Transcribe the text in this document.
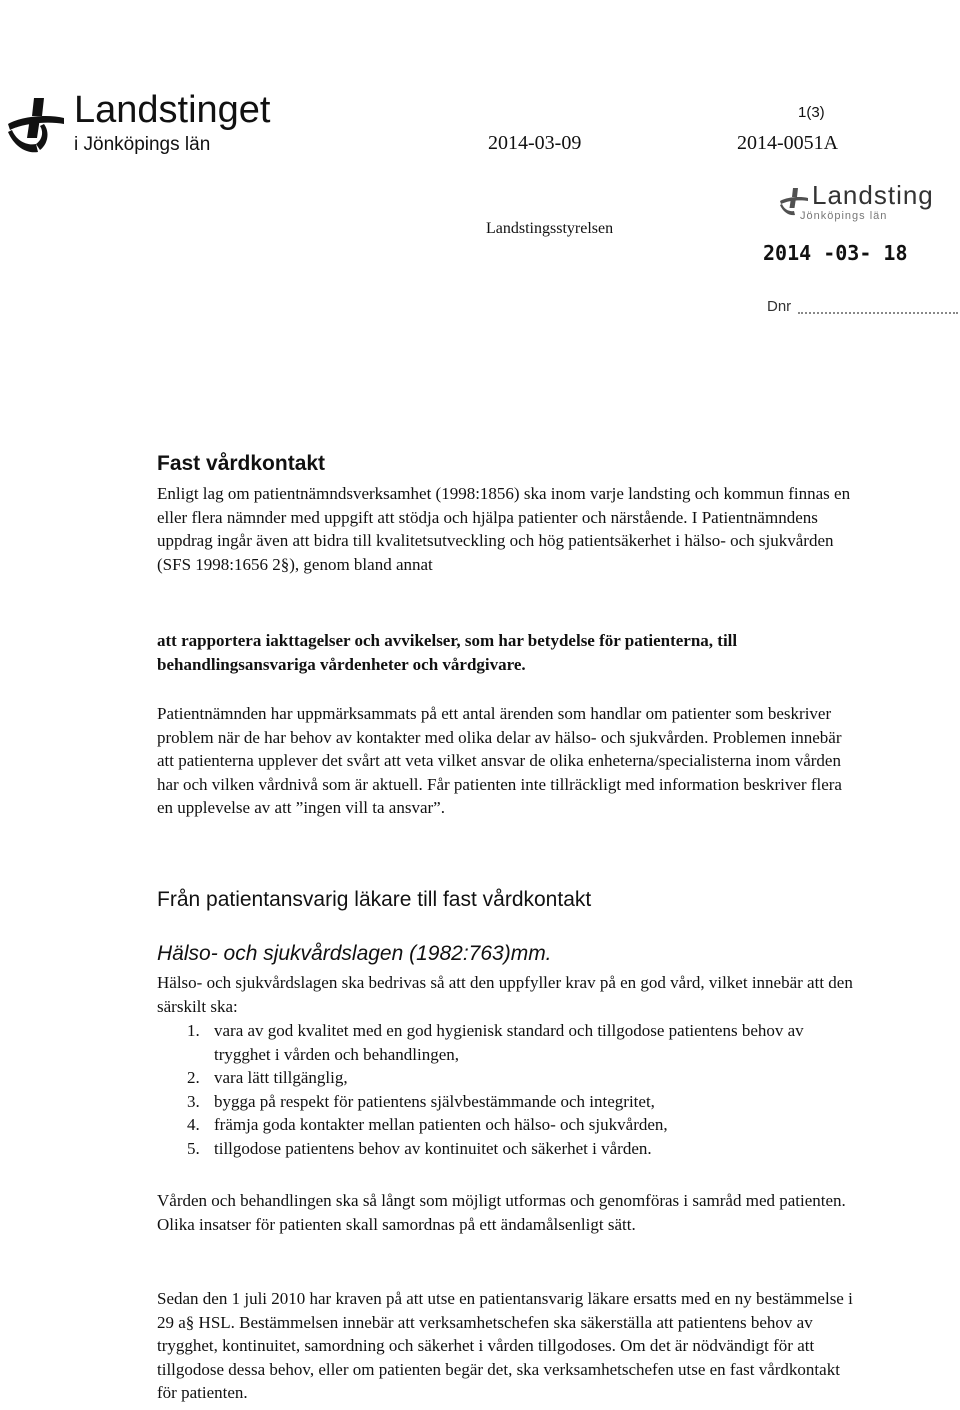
Landstinget
i Jönköpings län
1(3)
2014-03-09	2014-0051A
Landstingsstyrelsen
Landsting
Jönköpings län
2014 -03- 18
Dnr
Fast vårdkontakt

Enligt lag om patientnämndsverksamhet (1998:1856) ska inom varje landsting och kommun finnas en eller flera nämnder med uppgift att stödja och hjälpa patienter och närstående. I Patientnämndens uppdrag ingår även att bidra till kvalitetsutveckling och hög patientsäkerhet i hälso- och sjukvården (SFS 1998:1656 2§), genom bland annat

att rapportera iakttagelser och avvikelser, som har betydelse för patienterna, till behandlingsansvariga vårdenheter och vårdgivare.

Patientnämnden har uppmärksammats på ett antal ärenden som handlar om patienter som beskriver problem när de har behov av kontakter med olika delar av hälso- och sjukvården. Problemen innebär att patienterna upplever det svårt att veta vilket ansvar de olika enheterna/specialisterna inom vården har och vilken vårdnivå som är aktuell. Får patienten inte tillräckligt med information beskriver flera en upplevelse av att ”ingen vill ta ansvar”.

Från patientansvarig läkare till fast vårdkontakt
Hälso- och sjukvårdslagen (1982:763)mm.

Hälso- och sjukvårdslagen ska bedrivas så att den uppfyller krav på en god vård, vilket innebär att den särskilt ska:

1. vara av god kvalitet med en god hygienisk standard och tillgodose patientens behov av trygghet i vården och behandlingen,
2. vara lätt tillgänglig,
3. bygga på respekt för patientens självbestämmande och integritet,
4. främja goda kontakter mellan patienten och hälso- och sjukvården,
5. tillgodose patientens behov av kontinuitet och säkerhet i vården.

Vården och behandlingen ska så långt som möjligt utformas och genomföras i samråd med patienten. Olika insatser för patienten skall samordnas på ett ändamålsenligt sätt.

Sedan den 1 juli 2010 har kraven på att utse en patientansvarig läkare ersatts med en ny bestämmelse i 29 a§ HSL. Bestämmelsen innebär att verksamhetschefen ska säkerställa att patientens behov av trygghet, kontinuitet, samordning och säkerhet i vården tillgodoses. Om det är nödvändigt för att tillgodose dessa behov, eller om patienten begär det, ska verksamhetschefen utse en fast vårdkontakt för patienten.
